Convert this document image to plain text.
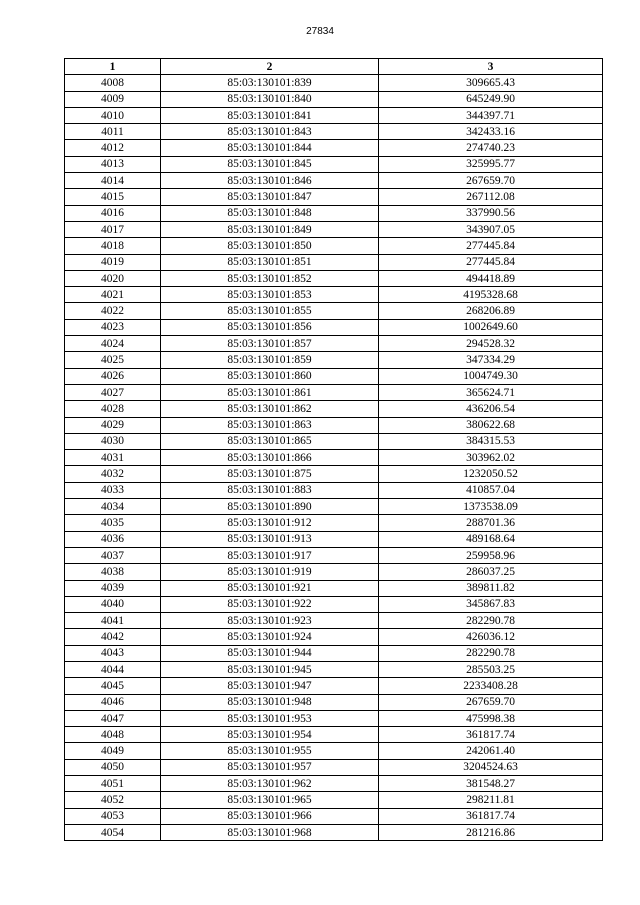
27834
1	2	3
4008	85:03:130101:839	309665.43
4009	85:03:130101:840	645249.90
4010	85:03:130101:841	344397.71
4011	85:03:130101:843	342433.16
4012	85:03:130101:844	274740.23
4013	85:03:130101:845	325995.77
4014	85:03:130101:846	267659.70
4015	85:03:130101:847	267112.08
4016	85:03:130101:848	337990.56
4017	85:03:130101:849	343907.05
4018	85:03:130101:850	277445.84
4019	85:03:130101:851	277445.84
4020	85:03:130101:852	494418.89
4021	85:03:130101:853	4195328.68
4022	85:03:130101:855	268206.89
4023	85:03:130101:856	1002649.60
4024	85:03:130101:857	294528.32
4025	85:03:130101:859	347334.29
4026	85:03:130101:860	1004749.30
4027	85:03:130101:861	365624.71
4028	85:03:130101:862	436206.54
4029	85:03:130101:863	380622.68
4030	85:03:130101:865	384315.53
4031	85:03:130101:866	303962.02
4032	85:03:130101:875	1232050.52
4033	85:03:130101:883	410857.04
4034	85:03:130101:890	1373538.09
4035	85:03:130101:912	288701.36
4036	85:03:130101:913	489168.64
4037	85:03:130101:917	259958.96
4038	85:03:130101:919	286037.25
4039	85:03:130101:921	389811.82
4040	85:03:130101:922	345867.83
4041	85:03:130101:923	282290.78
4042	85:03:130101:924	426036.12
4043	85:03:130101:944	282290.78
4044	85:03:130101:945	285503.25
4045	85:03:130101:947	2233408.28
4046	85:03:130101:948	267659.70
4047	85:03:130101:953	475998.38
4048	85:03:130101:954	361817.74
4049	85:03:130101:955	242061.40
4050	85:03:130101:957	3204524.63
4051	85:03:130101:962	381548.27
4052	85:03:130101:965	298211.81
4053	85:03:130101:966	361817.74
4054	85:03:130101:968	281216.86
